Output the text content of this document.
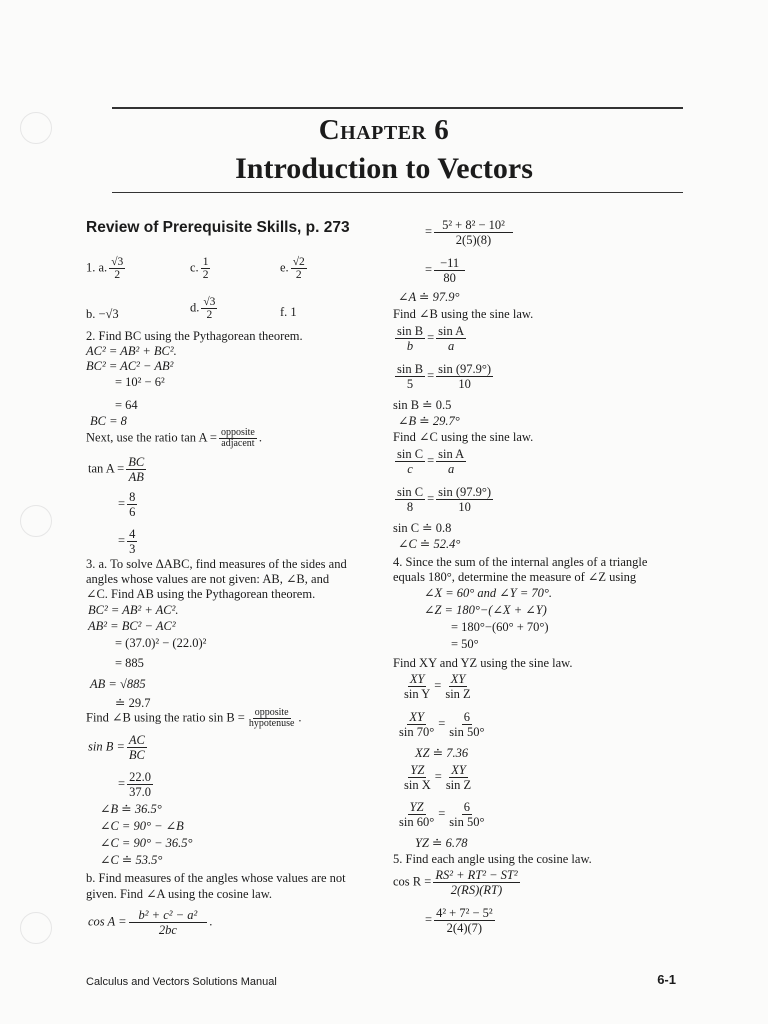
Chapter 6
Introduction to Vectors
Review of Prerequisite Skills, p. 273
1. a. $\frac{√3}{2}$	c. $\frac{1}{2}$	e. $\frac{√2}{2}$
b. −√3	d. $\frac{√3}{2}$	f. 1
2. Find BC using the Pythagorean theorem.
AC² = AB² + BC².
BC² = AC² − AB²
= 10² − 6²
= 64
BC = 8
Next, use the ratio $\tan A = \frac{\text{opposite}}{\text{adjacent}}$ .
$\tan A = \frac{BC}{AB}$
= $\frac{8}{6}$
= $\frac{4}{3}$
3. a. To solve ΔABC, find measures of the sides and
angles whose values are not given: AB, ∠B, and
∠C. Find AB using the Pythagorean theorem.
BC² = AB² + AC².
AB² = BC² − AC²
= (37.0)² − (22.0)²
= 885
AB = √885
≐ 29.7
Find ∠B using the ratio $\sin B = \frac{\text{opposite}}{\text{hypotenuse}}$ .
$\sin B = \frac{AC}{BC}$
= $\frac{22.0}{37.0}$
∠B ≐ 36.5°
∠C = 90° − ∠B
∠C = 90° − 36.5°
∠C ≐ 53.5°
b. Find measures of the angles whose values are not
given. Find ∠A using the cosine law.
$\cos A = \frac{\text{b² + c² − a²}}{2bc}$ .
= $\frac{\text{5² + 8² − 10²}}{2(5)(8)}$
= $\frac{-11}{80}$
∠A ≐ 97.9°
Find ∠B using the sine law.
$\frac{\text{sin B}}{b} = \frac{\text{sin A}}{a}$
$\frac{\text{sin B}}{5} = \frac{\sin (97.9^\circ)}{10}$
sin B ≐ 0.5
∠B ≐ 29.7°
Find ∠C using the sine law.
$\frac{\text{sin C}}{c} = \frac{\text{sin A}}{a}$
$\frac{\text{sin C}}{8} = \frac{\sin (97.9^\circ)}{10}$
sin C ≐ 0.8
∠C ≐ 52.4°
4. Since the sum of the internal angles of a triangle
equals 180°, determine the measure of ∠Z using
∠X = 60° and ∠Y = 70°.
∠Z = 180°−(∠X + ∠Y)
= 180°−(60° + 70°)
= 50°
Find XY and YZ using the sine law.
$\frac{XY}{\text{sin Y}} = \frac{XY}{\text{sin Z}}$
$\frac{XY}{\sin 70^\circ} = \frac{6}{\sin 50^\circ}$
XZ ≐ 7.36
$\frac{YZ}{\text{sin X}} = \frac{XY}{\text{sin Z}}$
$\frac{YZ}{\sin 60^\circ} = \frac{6}{\sin 50^\circ}$
YZ ≐ 6.78
5. Find each angle using the cosine law.
$\cos R = \frac{\text{RS² + RT² − ST²}}{2(RS)(RT)}$
= $\frac{\text{4² + 7² − 5²}}{2(4)(7)}$
Calculus and Vectors Solutions Manual	6-1
